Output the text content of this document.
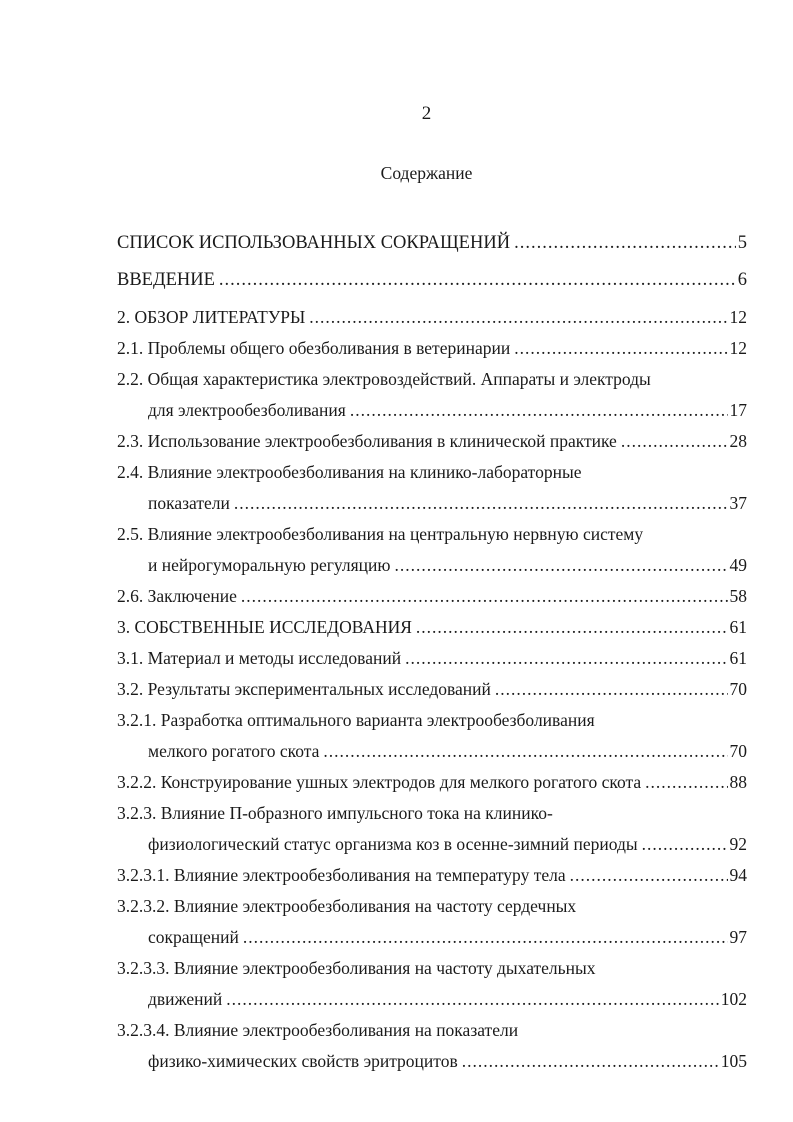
2
Содержание
СПИСОК ИСПОЛЬЗОВАННЫХ СОКРАЩЕНИЙ .....	5
ВВЕДЕНИЕ .....	6
2. ОБЗОР ЛИТЕРАТУРЫ .....	12
2.1. Проблемы общего обезболивания в ветеринарии .....	12
2.2. Общая характеристика электровоздействий. Аппараты и электроды
для электрообезболивания .....	17
2.3. Использование электрообезболивания в клинической практике .....	28
2.4. Влияние электрообезболивания на клинико-лабораторные
показатели .....	37
2.5. Влияние электрообезболивания на центральную нервную систему
и нейрогуморальную регуляцию .....	49
2.6. Заключение .....	58
3. СОБСТВЕННЫЕ ИССЛЕДОВАНИЯ .....	61
3.1. Материал и методы исследований .....	61
3.2. Результаты экспериментальных исследований .....	70
3.2.1. Разработка оптимального варианта электрообезболивания
мелкого рогатого скота .....	70
3.2.2. Конструирование ушных электродов для мелкого рогатого скота .....	88
3.2.3. Влияние П-образного импульсного тока на клинико-
физиологический статус организма коз в осенне-зимний периоды .....	92
3.2.3.1. Влияние электрообезболивания на температуру тела .....	94
3.2.3.2. Влияние электрообезболивания на частоту сердечных
сокращений .....	97
3.2.3.3. Влияние электрообезболивания на частоту дыхательных
движений .....	102
3.2.3.4. Влияние электрообезболивания на показатели
физико-химических свойств эритроцитов .....	105
